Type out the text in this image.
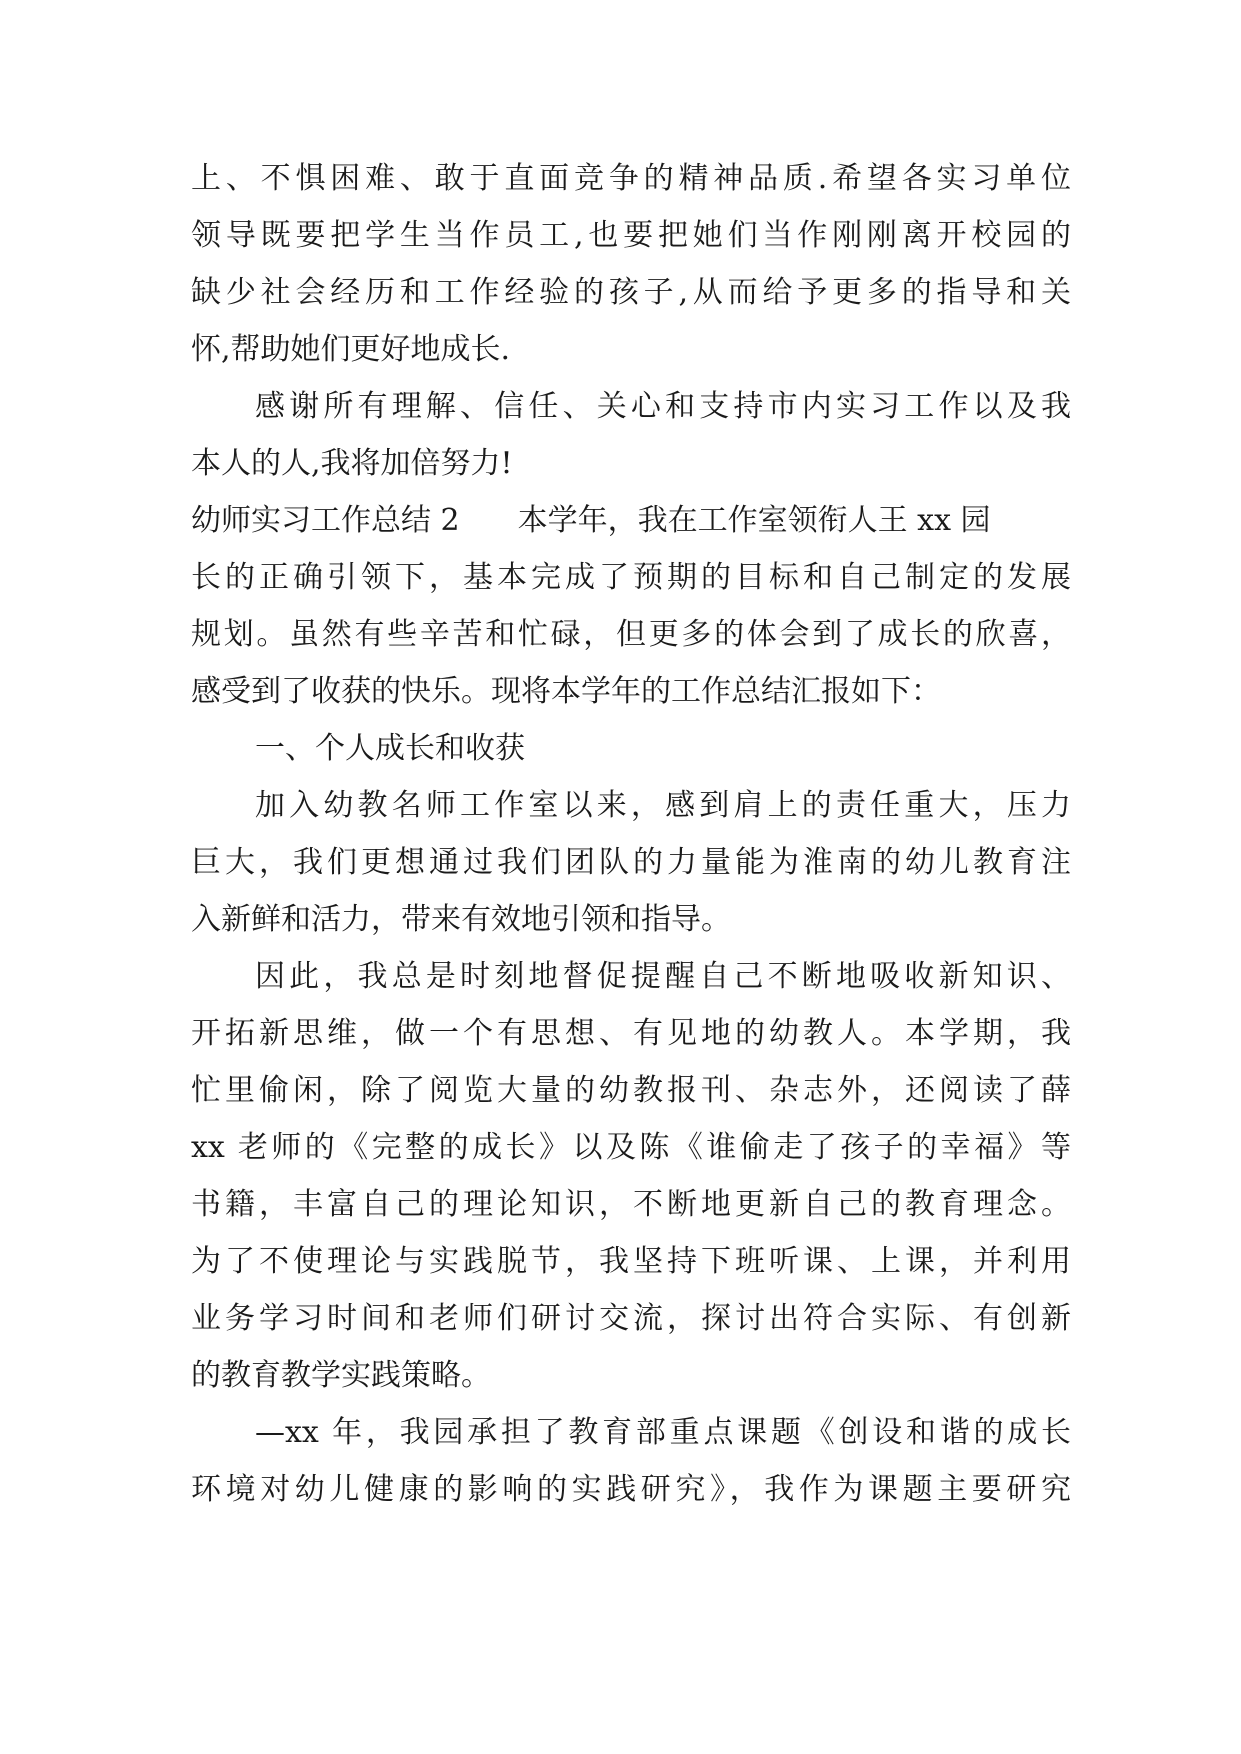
上、不惧困难、敢于直面竞争的精神品质.希望各实习单位
领导既要把学生当作员工,也要把她们当作刚刚离开校园的
缺少社会经历和工作经验的孩子,从而给予更多的指导和关
怀,帮助她们更好地成长.
感谢所有理解、信任、关心和支持市内实习工作以及我
本人的人,我将加倍努力!
幼师实习工作总结 2 本学年，我在工作室领衔人王 xx 园
长的正确引领下，基本完成了预期的目标和自己制定的发展
规划。虽然有些辛苦和忙碌，但更多的体会到了成长的欣喜，
感受到了收获的快乐。现将本学年的工作总结汇报如下：
一、个人成长和收获
加入幼教名师工作室以来，感到肩上的责任重大，压力
巨大，我们更想通过我们团队的力量能为淮南的幼儿教育注
入新鲜和活力，带来有效地引领和指导。
因此，我总是时刻地督促提醒自己不断地吸收新知识、
开拓新思维，做一个有思想、有见地的幼教人。本学期，我
忙里偷闲，除了阅览大量的幼教报刊、杂志外，还阅读了薛
xx 老师的《完整的成长》以及陈《谁偷走了孩子的幸福》等
书籍，丰富自己的理论知识，不断地更新自己的教育理念。
为了不使理论与实践脱节，我坚持下班听课、上课，并利用
业务学习时间和老师们研讨交流，探讨出符合实际、有创新
的教育教学实践策略。
—xx 年，我园承担了教育部重点课题《创设和谐的成长
环境对幼儿健康的影响的实践研究》，我作为课题主要研究
